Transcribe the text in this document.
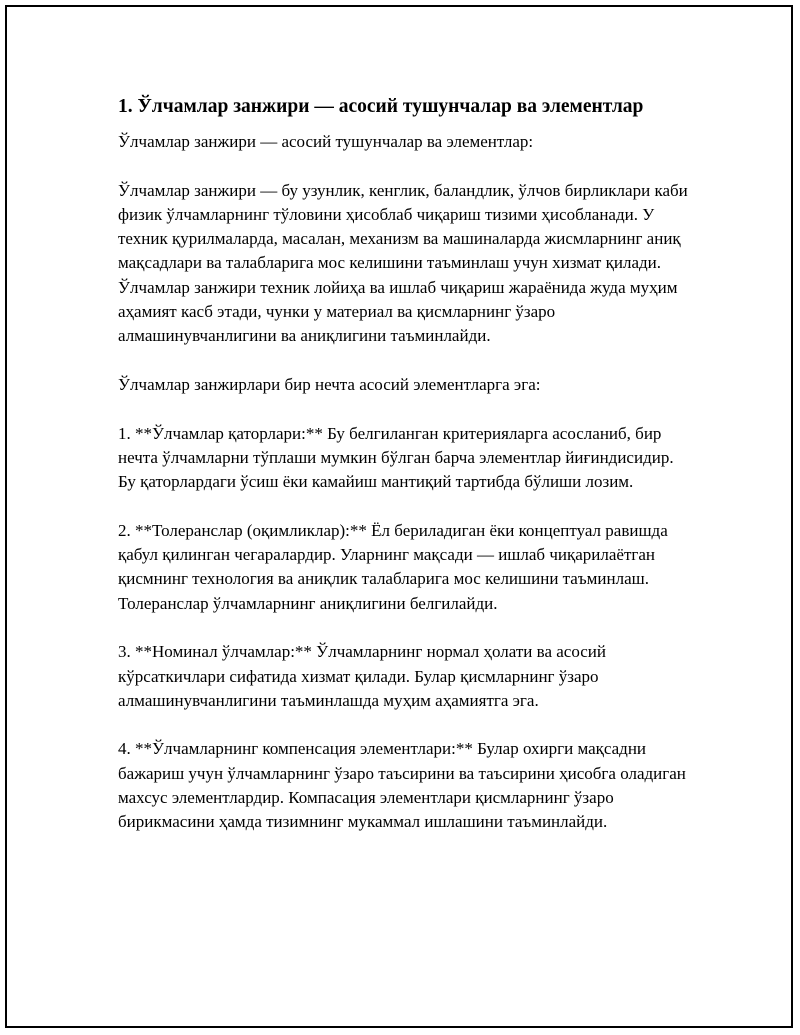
1. Ўлчамлар занжири — асосий тушунчалар ва элементлар

Ўлчамлар занжири — асосий тушунчалар ва элементлар:

Ўлчамлар занжири — бу узунлик, кенглик, баландлик, ўлчов бирликлари каби физик ўлчамларнинг тўловини ҳисоблаб чиқариш тизими ҳисобланади. У техник қурилмаларда, масалан, механизм ва машиналарда жисмларнинг аниқ мақсадлари ва талабларига мос келишини таъминлаш учун хизмат қилади. Ўлчамлар занжири техник лойиҳа ва ишлаб чиқариш жараёнида жуда муҳим аҳамият касб этади, чунки у материал ва қисмларнинг ўзаро алмашинувчанлигини ва аниқлигини таъминлайди.

Ўлчамлар занжирлари бир нечта асосий элементларга эга:

1. **Ўлчамлар қаторлари:** Бу белгиланган критерияларга асосланиб, бир нечта ўлчамларни тўплаши мумкин бўлган барча элементлар йиғиндисидир. Бу қаторлардаги ўсиш ёки камайиш мантиқий тартибда бўлиши лозим.

2. **Толеранслар (оқимликлар):** Ёл бериладиган ёки концептуал равишда қабул қилинган чегаралардир. Уларнинг мақсади — ишлаб чиқарилаётган қисмнинг технология ва аниқлик талабларига мос келишини таъминлаш. Толеранслар ўлчамларнинг аниқлигини белгилайди.

3. **Номинал ўлчамлар:** Ўлчамларнинг нормал ҳолати ва асосий кўрсаткичлари сифатида хизмат қилади. Булар қисмларнинг ўзаро алмашинувчанлигини таъминлашда муҳим аҳамиятга эга.

4. **Ўлчамларнинг компенсация элементлари:** Булар охирги мақсадни бажариш учун ўлчамларнинг ўзаро таъсирини ва таъсирини ҳисобга оладиган махсус элементлардир. Компасация элементлари қисмларнинг ўзаро бирикмасини ҳамда тизимнинг мукаммал ишлашини таъминлайди.
